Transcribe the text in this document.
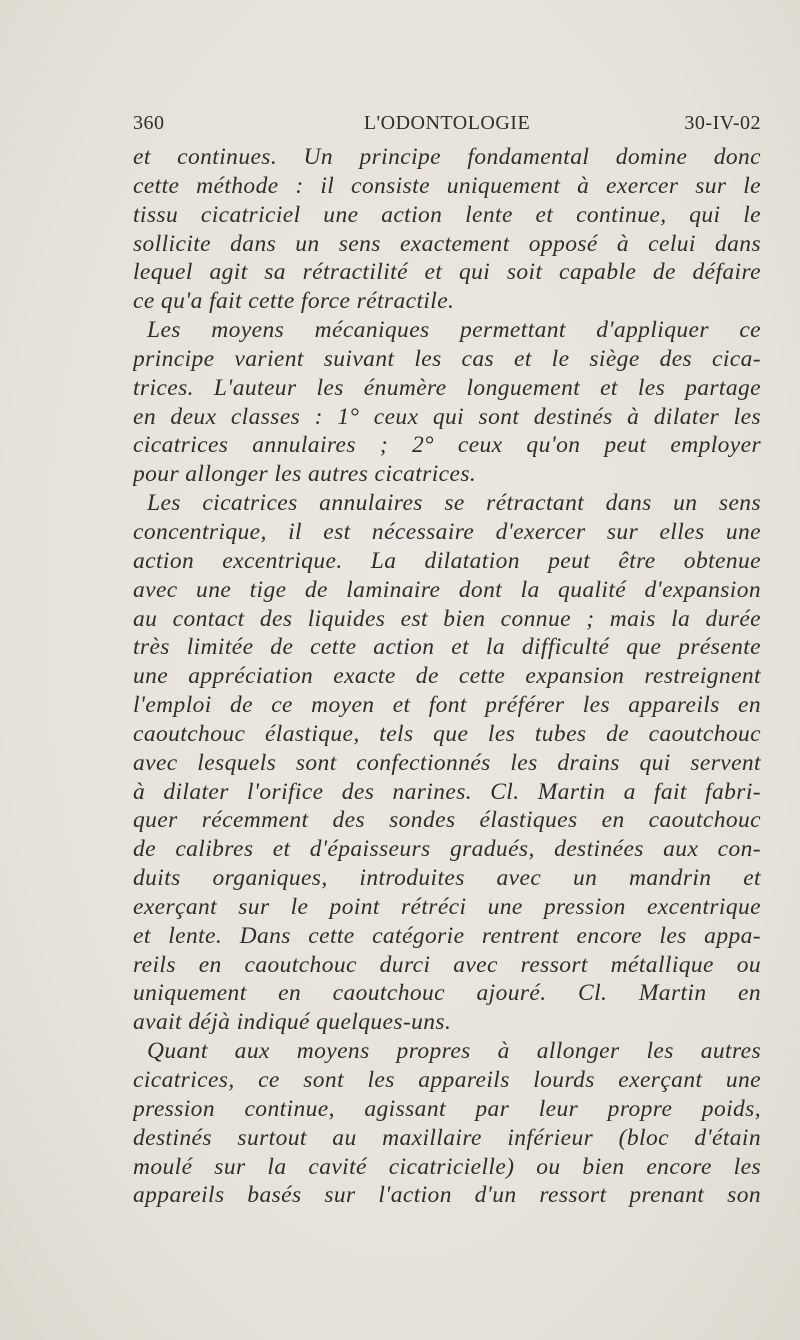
360	L'ODONTOLOGIE	30-IV-02
et continues. Un principe fondamental domine donc
cette méthode : il consiste uniquement à exercer sur le
tissu cicatriciel une action lente et continue, qui le
sollicite dans un sens exactement opposé à celui dans
lequel agit sa rétractilité et qui soit capable de défaire
ce qu'a fait cette force rétractile.
Les moyens mécaniques permettant d'appliquer ce
principe varient suivant les cas et le siège des cica-
trices. L'auteur les énumère longuement et les partage
en deux classes : 1° ceux qui sont destinés à dilater les
cicatrices annulaires ; 2° ceux qu'on peut employer
pour allonger les autres cicatrices.
Les cicatrices annulaires se rétractant dans un sens
concentrique, il est nécessaire d'exercer sur elles une
action excentrique. La dilatation peut être obtenue
avec une tige de laminaire dont la qualité d'expansion
au contact des liquides est bien connue ; mais la durée
très limitée de cette action et la difficulté que présente
une appréciation exacte de cette expansion restreignent
l'emploi de ce moyen et font préférer les appareils en
caoutchouc élastique, tels que les tubes de caoutchouc
avec lesquels sont confectionnés les drains qui servent
à dilater l'orifice des narines. Cl. Martin a fait fabri-
quer récemment des sondes élastiques en caoutchouc
de calibres et d'épaisseurs gradués, destinées aux con-
duits organiques, introduites avec un mandrin et
exerçant sur le point rétréci une pression excentrique
et lente. Dans cette catégorie rentrent encore les appa-
reils en caoutchouc durci avec ressort métallique ou
uniquement en caoutchouc ajouré. Cl. Martin en
avait déjà indiqué quelques-uns.
Quant aux moyens propres à allonger les autres
cicatrices, ce sont les appareils lourds exerçant une
pression continue, agissant par leur propre poids,
destinés surtout au maxillaire inférieur (bloc d'étain
moulé sur la cavité cicatricielle) ou bien encore les
appareils basés sur l'action d'un ressort prenant son
